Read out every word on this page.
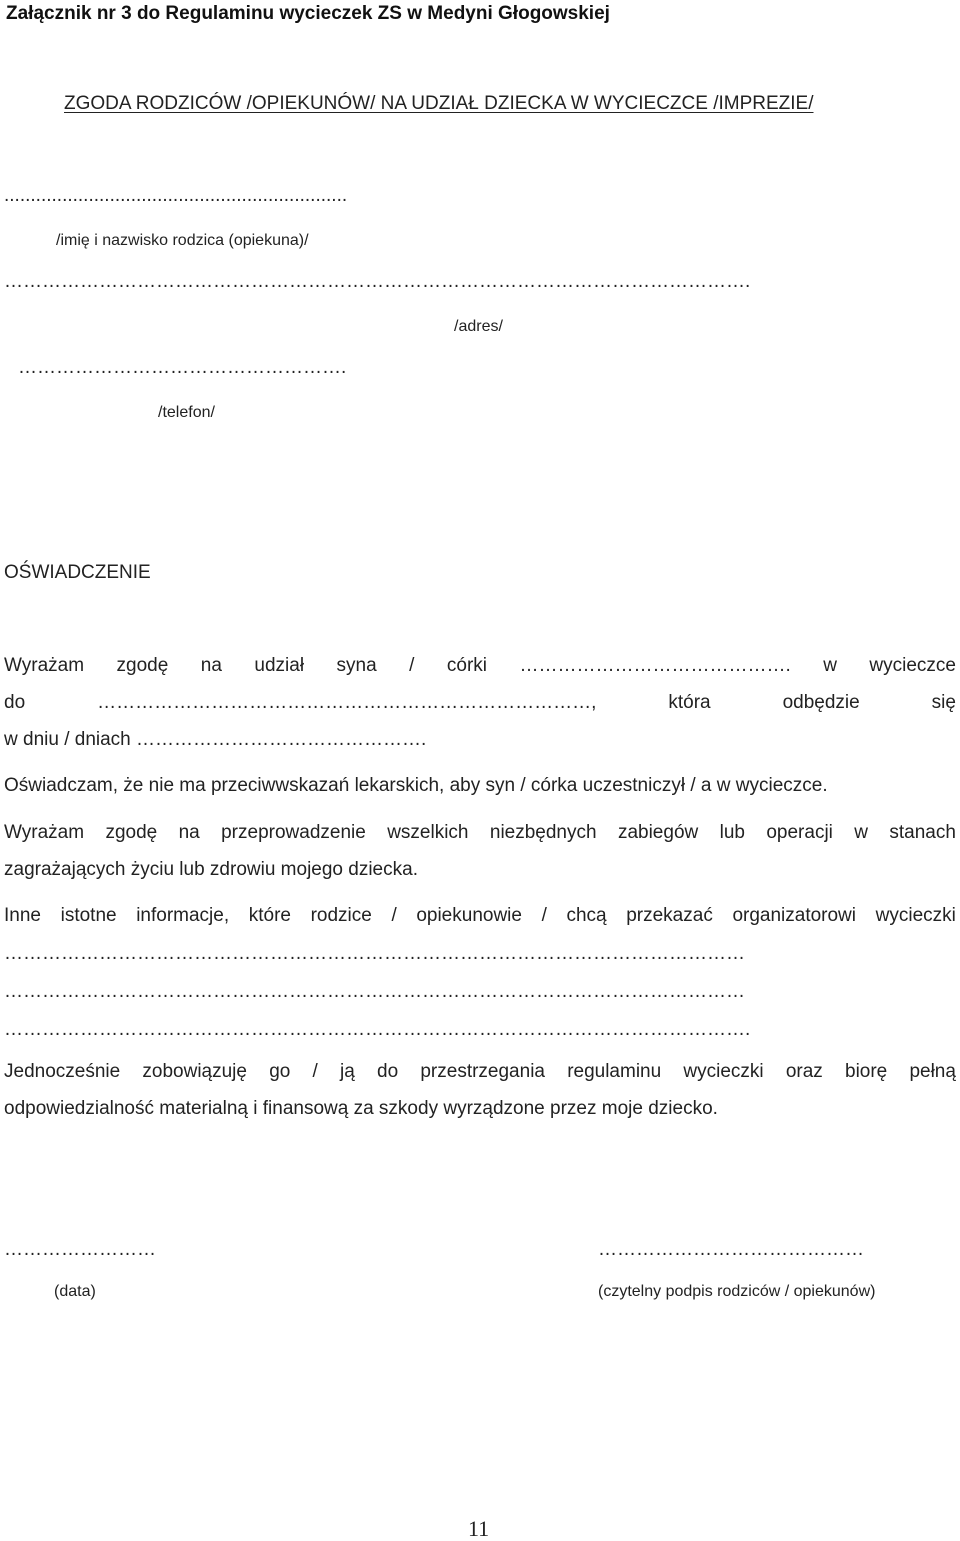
Załącznik nr 3 do Regulaminu wycieczek ZS w Medyni Głogowskiej
ZGODA RODZICÓW /OPIEKUNÓW/ NA UDZIAŁ DZIECKA W WYCIECZCE /IMPREZIE/
.................................................................
/imię i nazwisko rodzica (opiekuna)/
……………………………………………………………………………………………………….
/adres/
…………………………………………….
/telefon/
OŚWIADCZENIE
Wyrażam zgodę na udział syna / córki ……………………………………. w wycieczce
do	……………………………………………………………………,	która	odbędzie	się
w dniu / dniach ……………………………………….
Oświadczam, że nie ma przeciwwskazań lekarskich, aby syn / córka uczestniczył / a w wycieczce.
Wyrażam zgodę na przeprowadzenie wszelkich niezbędnych zabiegów lub operacji w stanach
zagrażających życiu lub zdrowiu mojego dziecka.
Inne istotne informacje, które rodzice / opiekunowie / chcą przekazać organizatorowi wycieczki
………………………………………………………………………………………………………
………………………………………………………………………………………………………
……………………………………………………………………………………………………….
Jednocześnie zobowiązuję go / ją do przestrzegania regulaminu wycieczki oraz biorę pełną
odpowiedzialność materialną i finansową za szkody wyrządzone przez moje dziecko.
……………………
(data)
……………………………………
(czytelny podpis rodziców / opiekunów)
11
